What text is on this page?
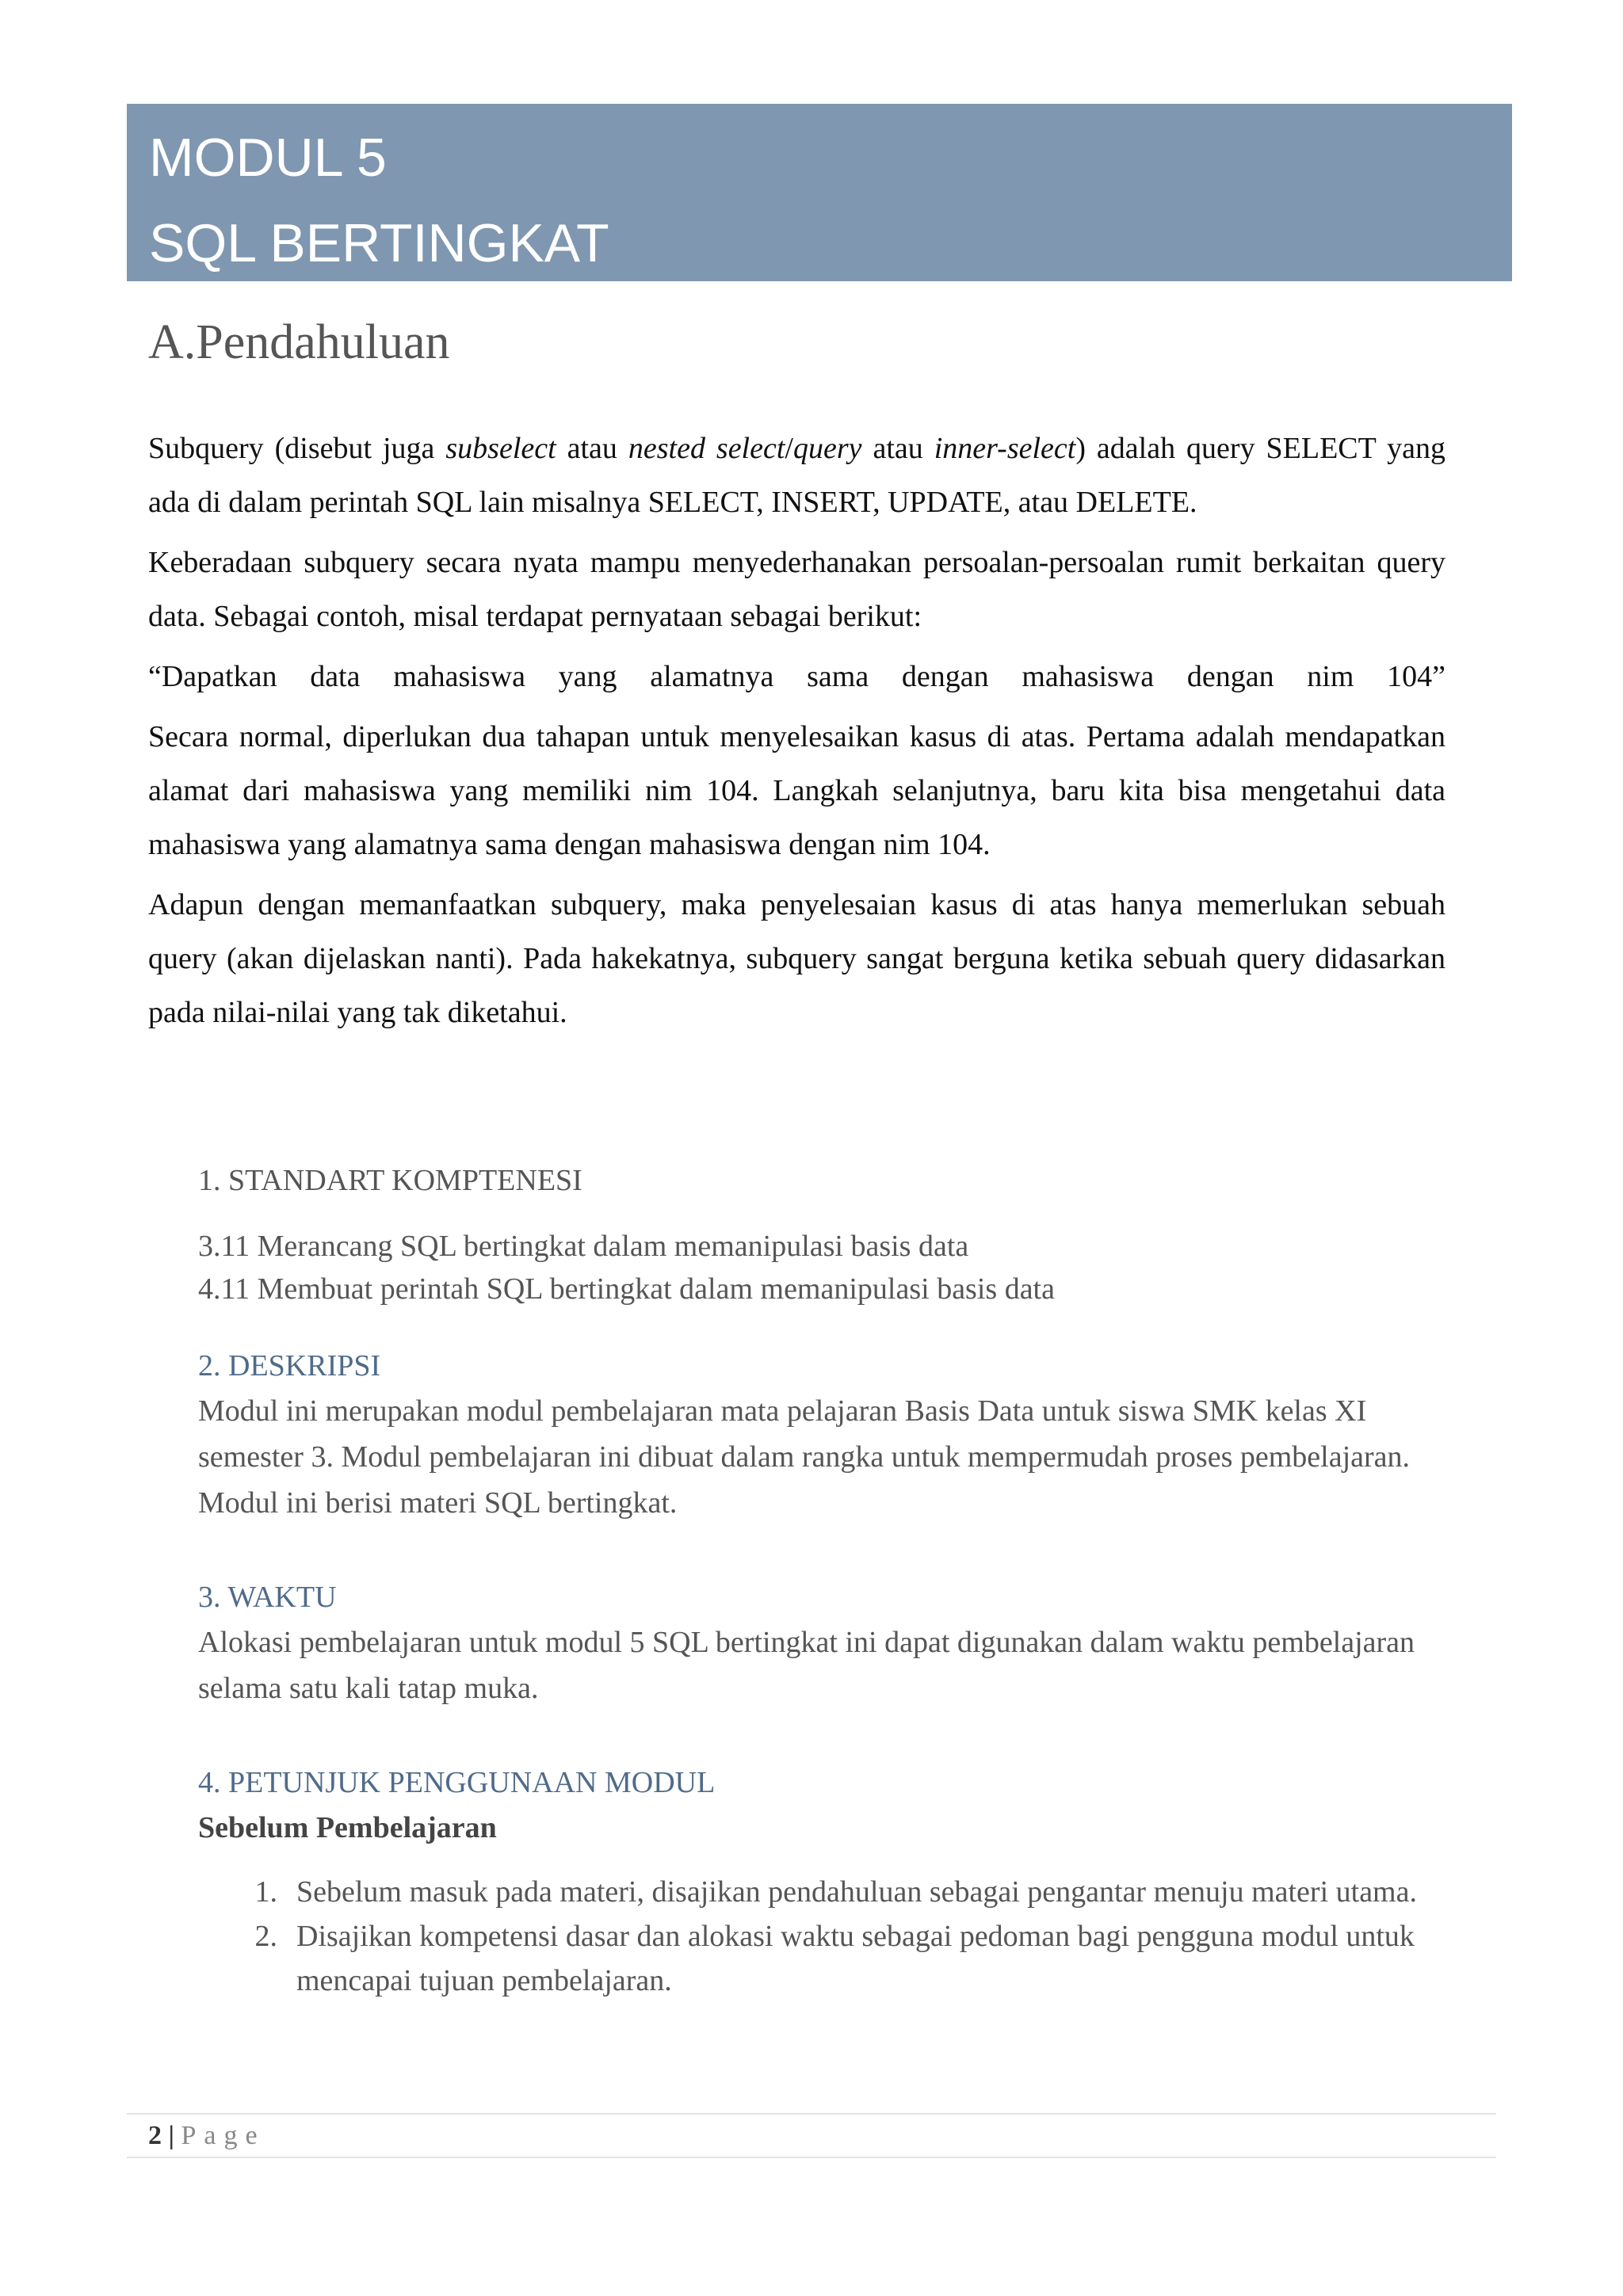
MODUL 5
SQL BERTINGKAT
A.Pendahuluan

Subquery (disebut juga subselect atau nested select/query atau inner-select) adalah query SELECT yang ada di dalam perintah SQL lain misalnya SELECT, INSERT, UPDATE, atau DELETE.

Keberadaan subquery secara nyata mampu menyederhanakan persoalan-persoalan rumit berkaitan query data. Sebagai contoh, misal terdapat pernyataan sebagai berikut:

“Dapatkan data mahasiswa yang alamatnya sama dengan mahasiswa dengan nim 104”

Secara normal, diperlukan dua tahapan untuk menyelesaikan kasus di atas. Pertama adalah mendapatkan alamat dari mahasiswa yang memiliki nim 104. Langkah selanjutnya, baru kita bisa mengetahui data mahasiswa yang alamatnya sama dengan mahasiswa dengan nim 104.

Adapun dengan memanfaatkan subquery, maka penyelesaian kasus di atas hanya memerlukan sebuah query (akan dijelaskan nanti). Pada hakekatnya, subquery sangat berguna ketika sebuah query didasarkan pada nilai-nilai yang tak diketahui.

1. STANDART KOMPTENESI

3.11 Merancang SQL bertingkat dalam memanipulasi basis data
4.11 Membuat perintah SQL bertingkat dalam memanipulasi basis data

2. DESKRIPSI

Modul ini merupakan modul pembelajaran mata pelajaran Basis Data untuk siswa SMK kelas XI semester 3. Modul pembelajaran ini dibuat dalam rangka untuk mempermudah proses pembelajaran. Modul ini berisi materi SQL bertingkat.

3. WAKTU

Alokasi pembelajaran untuk modul 5 SQL bertingkat ini dapat digunakan dalam waktu pembelajaran selama satu kali tatap muka.

4. PETUNJUK PENGGUNAAN MODUL

Sebelum Pembelajaran

1. Sebelum masuk pada materi, disajikan pendahuluan sebagai pengantar menuju materi utama.
2. Disajikan kompetensi dasar dan alokasi waktu sebagai pedoman bagi pengguna modul untuk mencapai tujuan pembelajaran.
2 | Page
